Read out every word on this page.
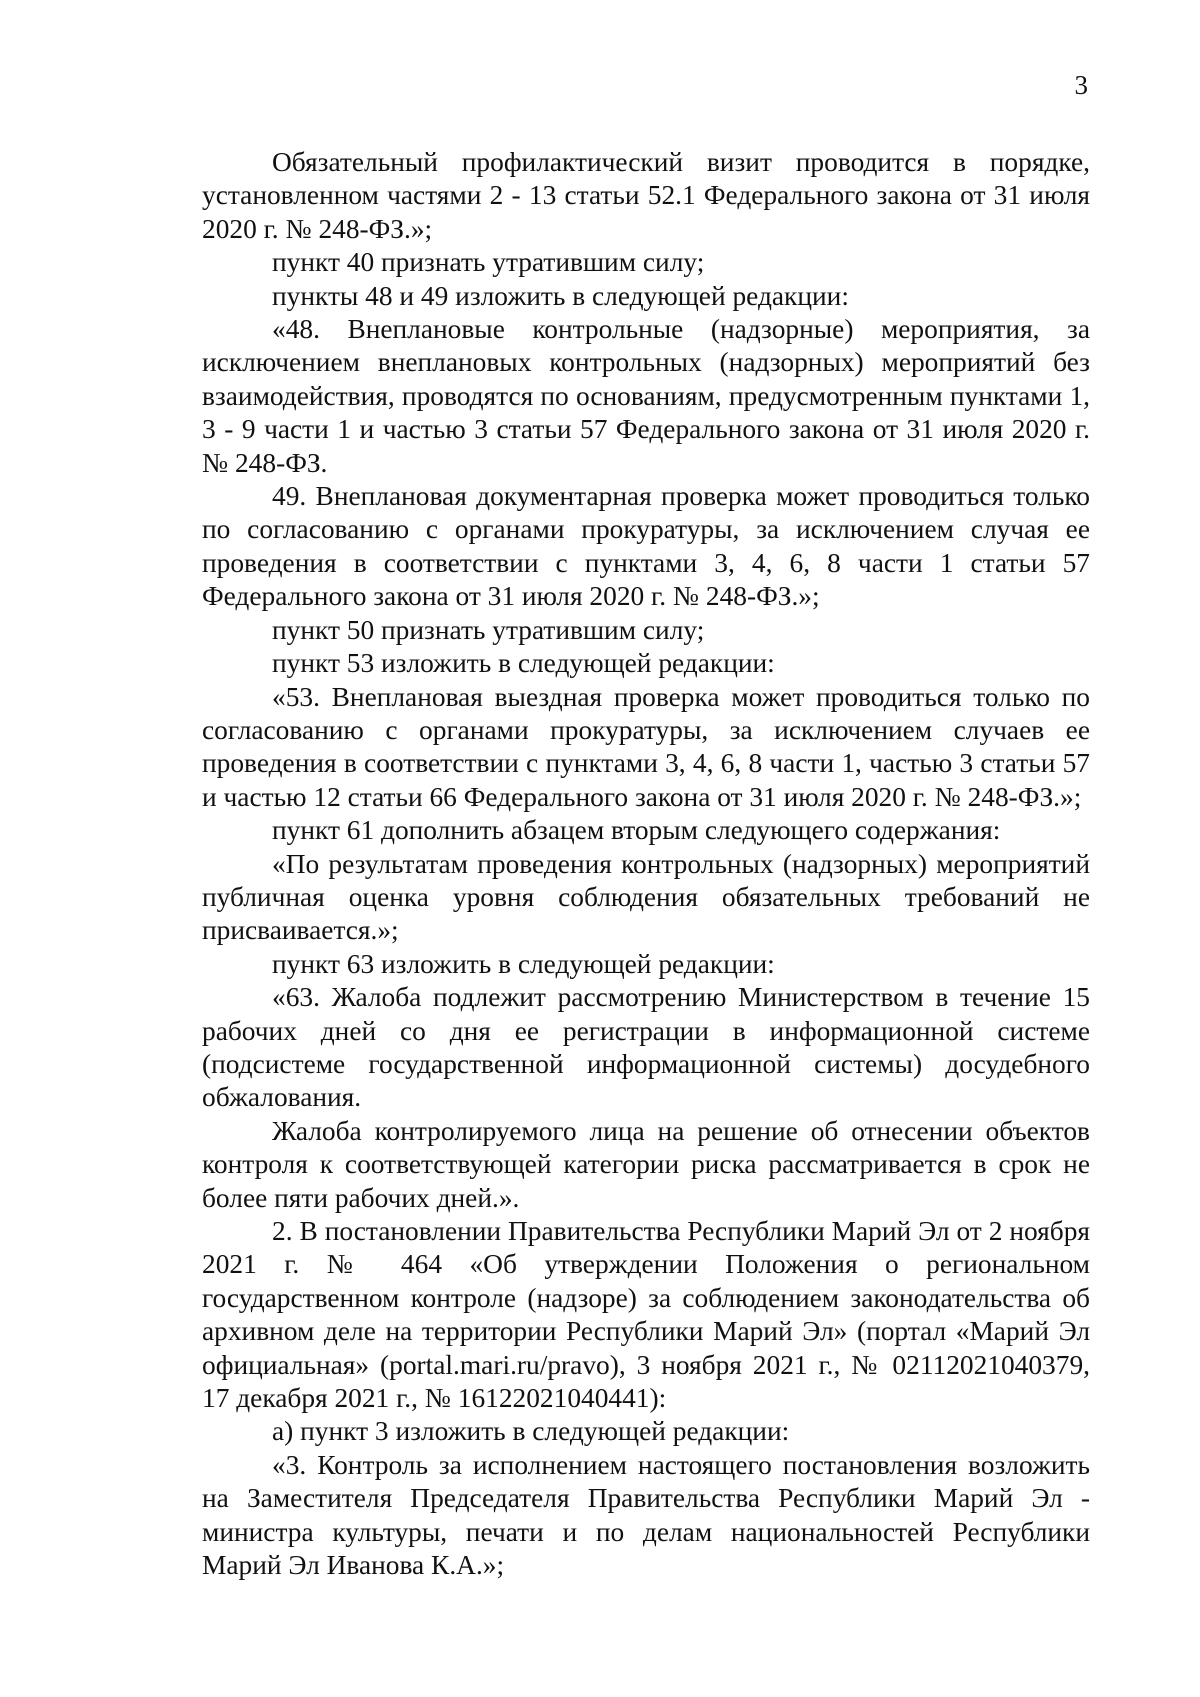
3

Обязательный профилактический визит проводится в порядке, установленном частями 2 - 13 статьи 52.1 Федерального закона от 31 июля 2020 г. № 248-ФЗ.»;

пункт 40 признать утратившим силу;

пункты 48 и 49 изложить в следующей редакции:

«48. Внеплановые контрольные (надзорные) мероприятия, за исключением внеплановых контрольных (надзорных) мероприятий без взаимодействия, проводятся по основаниям, предусмотренным пунктами 1, 3 - 9 части 1 и частью 3 статьи 57 Федерального закона от 31 июля 2020 г. № 248-ФЗ.

49. Внеплановая документарная проверка может проводиться только по согласованию с органами прокуратуры, за исключением случая ее проведения в соответствии с пунктами 3, 4, 6, 8 части 1 статьи 57 Федерального закона от 31 июля 2020 г. № 248-ФЗ.»;

пункт 50 признать утратившим силу;

пункт 53 изложить в следующей редакции:

«53. Внеплановая выездная проверка может проводиться только по согласованию с органами прокуратуры, за исключением случаев ее проведения в соответствии с пунктами 3, 4, 6, 8 части 1, частью 3 статьи 57 и частью 12 статьи 66 Федерального закона от 31 июля 2020 г. № 248-ФЗ.»;

пункт 61 дополнить абзацем вторым следующего содержания:

«По результатам проведения контрольных (надзорных) мероприятий публичная оценка уровня соблюдения обязательных требований не присваивается.»;

пункт 63 изложить в следующей редакции:

«63. Жалоба подлежит рассмотрению Министерством в течение 15 рабочих дней со дня ее регистрации в информационной системе (подсистеме государственной информационной системы) досудебного обжалования.

Жалоба контролируемого лица на решение об отнесении объектов контроля к соответствующей категории риска рассматривается в срок не более пяти рабочих дней.».

2. В постановлении Правительства Республики Марий Эл от 2 ноября 2021 г. № 464 «Об утверждении Положения о региональном государственном контроле (надзоре) за соблюдением законодательства об архивном деле на территории Республики Марий Эл» (портал «Марий Эл официальная» (portal.mari.ru/pravo), 3 ноября 2021 г., № 02112021040379, 17 декабря 2021 г., № 16122021040441):

а) пункт 3 изложить в следующей редакции:

«3. Контроль за исполнением настоящего постановления возложить на Заместителя Председателя Правительства Республики Марий Эл - министра культуры, печати и по делам национальностей Республики Марий Эл Иванова К.А.»;
